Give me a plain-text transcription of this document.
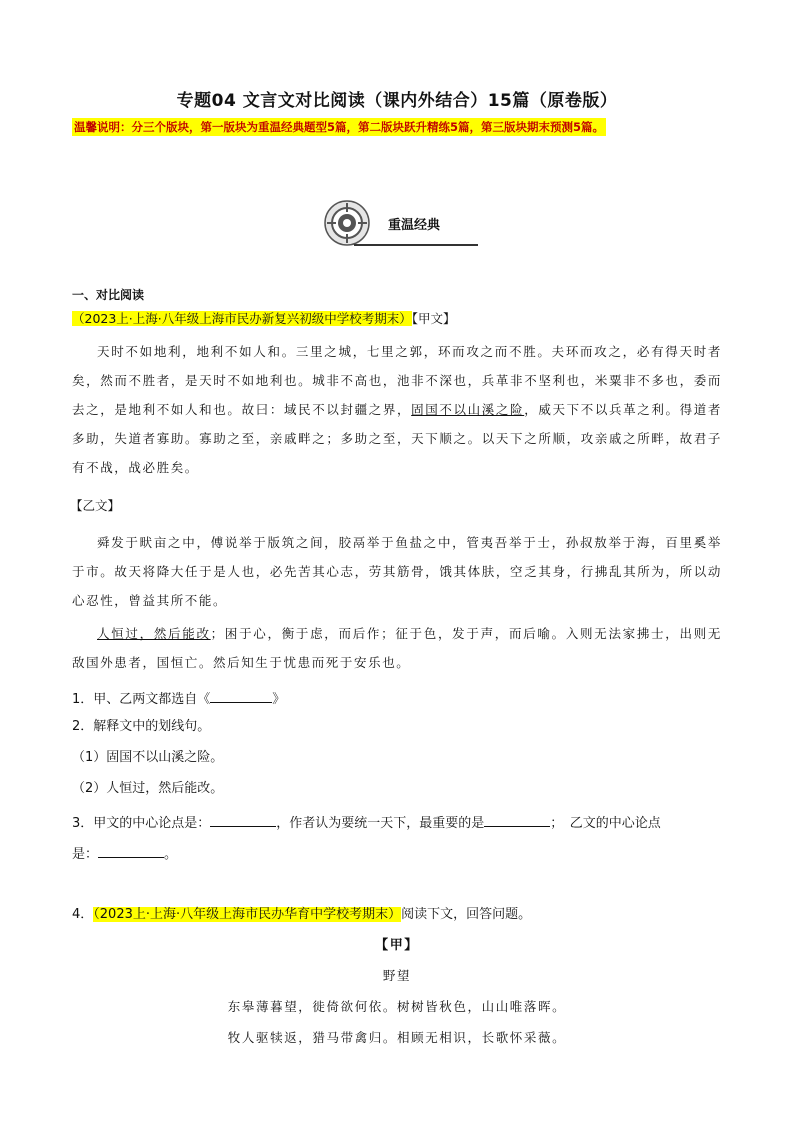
专题04 文言文对比阅读（课内外结合）15篇（原卷版）
温馨说明：分三个版块，第一版块为重温经典题型5篇，第二版块跃升精练5篇，第三版块期末预测5篇。
重温经典
一、对比阅读
（2023上·上海·八年级上海市民办新复兴初级中学校考期末）【甲文】
天时不如地利，地利不如人和。三里之城，七里之郭，环而攻之而不胜。夫环而攻之，必有得天时者矣，然而不胜者，是天时不如地利也。城非不高也，池非不深也，兵革非不坚利也，米粟非不多也，委而去之，是地利不如人和也。故曰：域民不以封疆之界，固国不以山溪之险，威天下不以兵革之利。得道者多助，失道者寡助。寡助之至，亲戚畔之；多助之至，天下顺之。以天下之所顺，攻亲戚之所畔，故君子有不战，战必胜矣。
【乙文】
舜发于畎亩之中，傅说举于版筑之间，胶鬲举于鱼盐之中，管夷吾举于士，孙叔敖举于海，百里奚举于市。故天将降大任于是人也，必先苦其心志，劳其筋骨，饿其体肤，空乏其身，行拂乱其所为，所以动心忍性，曾益其所不能。
人恒过，然后能改；困于心，衡于虑，而后作；征于色，发于声，而后喻。入则无法家拂士，出则无敌国外患者，国恒亡。然后知生于忧患而死于安乐也。
1．甲、乙两文都选自《	》
2．解释文中的划线句。
（1）固国不以山溪之险。
（2）人恒过，然后能改。
3．甲文的中心论点是：	，作者认为要统一天下，最重要的是	；　乙文的中心论点
是：	。
4．（2023上·上海·八年级上海市民办华育中学校考期末）阅读下文，回答问题。
【甲】
野望
东皋薄暮望，徙倚欲何依。树树皆秋色，山山唯落晖。
牧人驱犊返，猎马带禽归。相顾无相识，长歌怀采薇。
